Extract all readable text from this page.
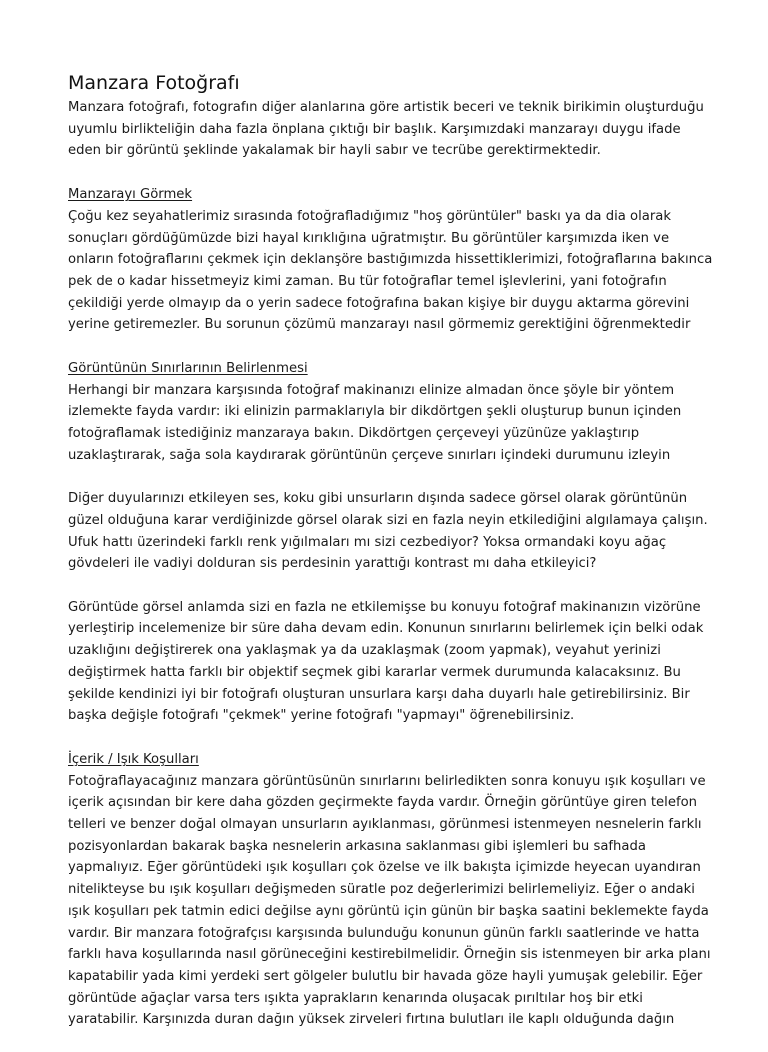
Manzara Fotoğrafı
Manzara fotoğrafı, fotografın diğer alanlarına göre artistik beceri ve teknik birikimin oluşturduğu
uyumlu birlikteliğin daha fazla önplana çıktığı bir başlık. Karşımızdaki manzarayı duygu ifade
eden bir görüntü şeklinde yakalamak bir hayli sabır ve tecrübe gerektirmektedir.
Manzarayı Görmek
Çoğu kez seyahatlerimiz sırasında fotoğrafladığımız "hoş görüntüler" baskı ya da dia olarak
sonuçları gördüğümüzde bizi hayal kırıklığına uğratmıştır. Bu görüntüler karşımızda iken ve
onların fotoğraflarını çekmek için deklanşöre bastığımızda hissettiklerimizi, fotoğraflarına bakınca
pek de o kadar hissetmeyiz kimi zaman. Bu tür fotoğraflar temel işlevlerini, yani fotoğrafın
çekildiği yerde olmayıp da o yerin sadece fotoğrafına bakan kişiye bir duygu aktarma görevini
yerine getiremezler. Bu sorunun çözümü manzarayı nasıl görmemiz gerektiğini öğrenmektedir
Görüntünün Sınırlarının Belirlenmesi
Herhangi bir manzara karşısında fotoğraf makinanızı elinize almadan önce şöyle bir yöntem
izlemekte fayda vardır: iki elinizin parmaklarıyla bir dikdörtgen şekli oluşturup bunun içinden
fotoğraflamak istediğiniz manzaraya bakın. Dikdörtgen çerçeveyi yüzünüze yaklaştırıp
uzaklaştırarak, sağa sola kaydırarak görüntünün çerçeve sınırları içindeki durumunu izleyin
Diğer duyularınızı etkileyen ses, koku gibi unsurların dışında sadece görsel olarak görüntünün
güzel olduğuna karar verdiğinizde görsel olarak sizi en fazla neyin etkilediğini algılamaya çalışın.
Ufuk hattı üzerindeki farklı renk yığılmaları mı sizi cezbediyor? Yoksa ormandaki koyu ağaç
gövdeleri ile vadiyi dolduran sis perdesinin yarattığı kontrast mı daha etkileyici?
Görüntüde görsel anlamda sizi en fazla ne etkilemişse bu konuyu fotoğraf makinanızın vizörüne
yerleştirip incelemenize bir süre daha devam edin. Konunun sınırlarını belirlemek için belki odak
uzaklığını değiştirerek ona yaklaşmak ya da uzaklaşmak (zoom yapmak), veyahut yerinizi
değiştirmek hatta farklı bir objektif seçmek gibi kararlar vermek durumunda kalacaksınız. Bu
şekilde kendinizi iyi bir fotoğrafı oluşturan unsurlara karşı daha duyarlı hale getirebilirsiniz. Bir
başka değişle fotoğrafı "çekmek" yerine fotoğrafı "yapmayı" öğrenebilirsiniz.
İçerik / Işık Koşulları
Fotoğraflayacağınız manzara görüntüsünün sınırlarını belirledikten sonra konuyu ışık koşulları ve
içerik açısından bir kere daha gözden geçirmekte fayda vardır. Örneğin görüntüye giren telefon
telleri ve benzer doğal olmayan unsurların ayıklanması, görünmesi istenmeyen nesnelerin farklı
pozisyonlardan bakarak başka nesnelerin arkasına saklanması gibi işlemleri bu safhada
yapmalıyız. Eğer görüntüdeki ışık koşulları çok özelse ve ilk bakışta içimizde heyecan uyandıran
nitelikteyse bu ışık koşulları değişmeden süratle poz değerlerimizi belirlemeliyiz. Eğer o andaki
ışık koşulları pek tatmin edici değilse aynı görüntü için günün bir başka saatini beklemekte fayda
vardır. Bir manzara fotoğrafçısı karşısında bulunduğu konunun günün farklı saatlerinde ve hatta
farklı hava koşullarında nasıl görüneceğini kestirebilmelidir. Örneğin sis istenmeyen bir arka planı
kapatabilir yada kimi yerdeki sert gölgeler bulutlu bir havada göze hayli yumuşak gelebilir. Eğer
görüntüde ağaçlar varsa ters ışıkta yaprakların kenarında oluşacak pırıltılar hoş bir etki
yaratabilir. Karşınızda duran dağın yüksek zirveleri fırtına bulutları ile kaplı olduğunda dağın
